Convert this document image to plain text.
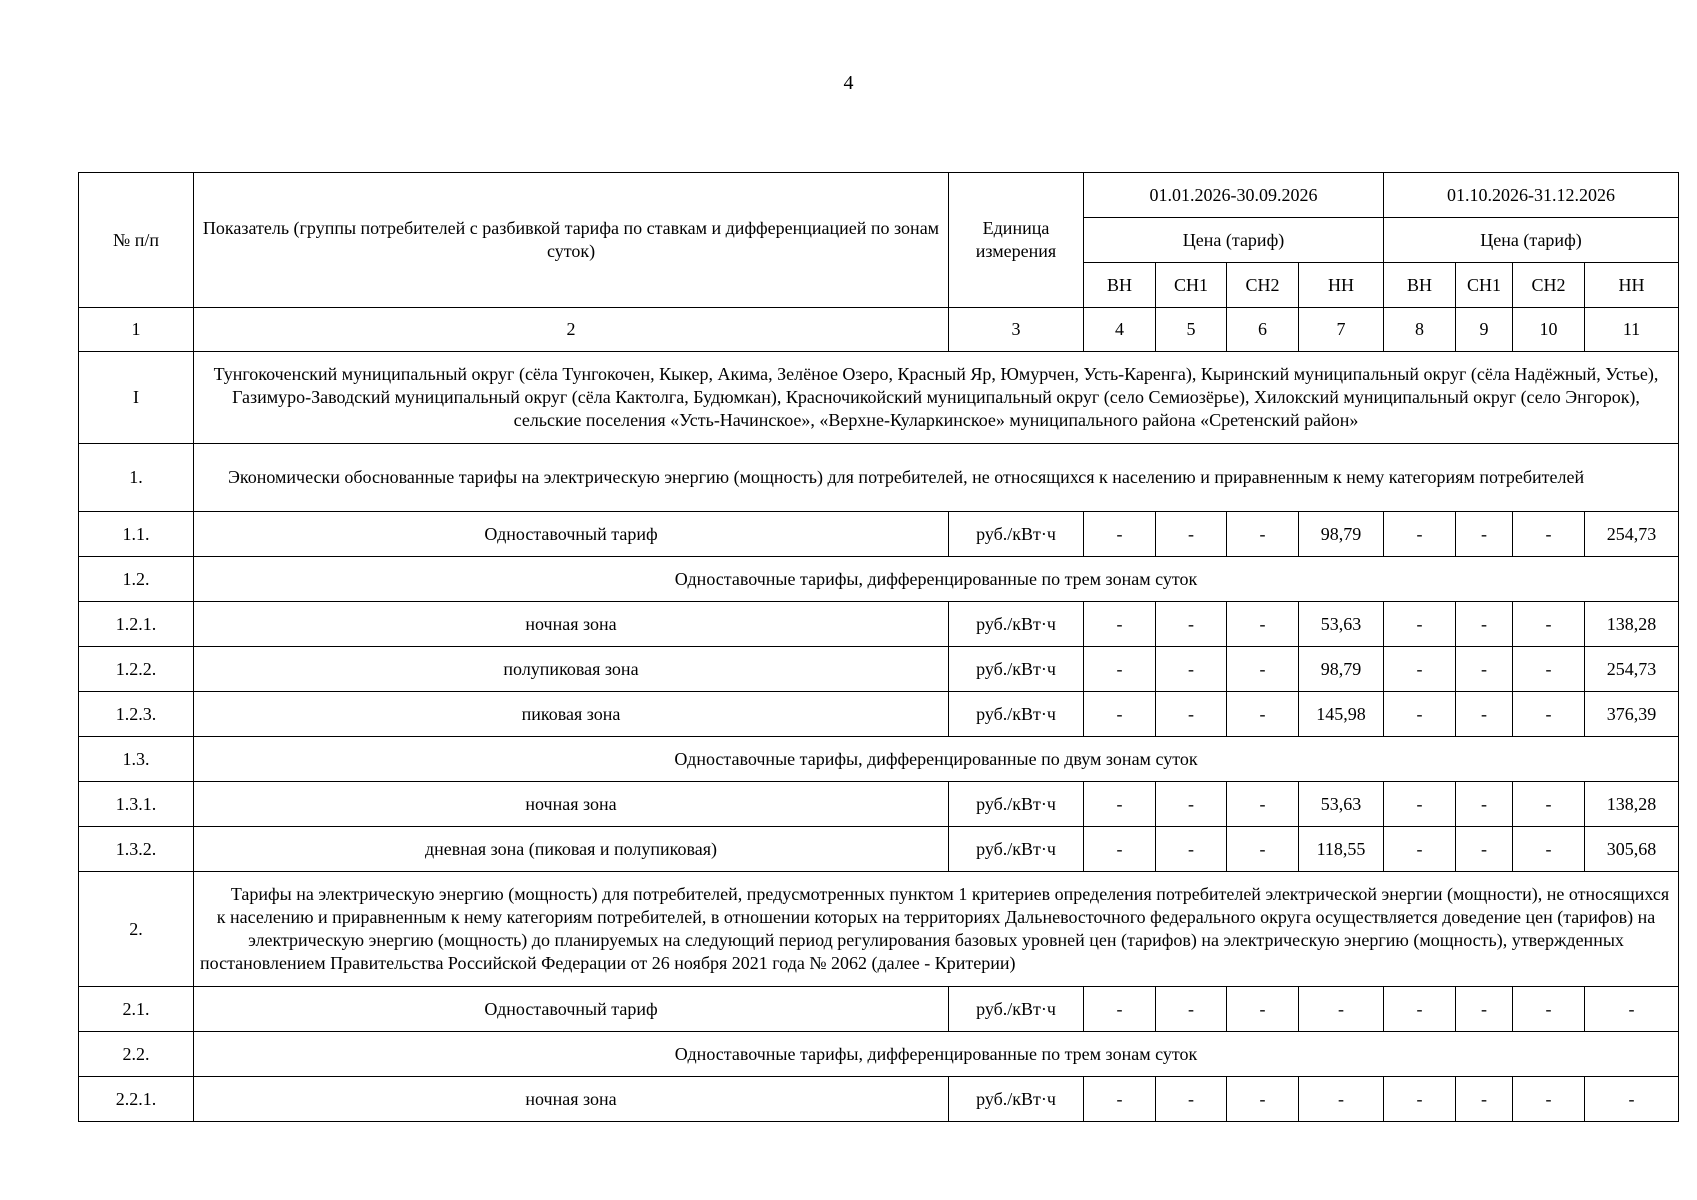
4
№ п/п	Показатель (группы потребителей с разбивкой тарифа по ставкам и дифференциацией по зонам суток)	Единица измерения	01.01.2026-30.09.2026				01.10.2026-31.12.2026			
			Цена (тариф)				Цена (тариф)			
			ВН	СН1	СН2	НН	ВН	СН1	СН2	НН
1	2	3	4	5	6	7	8	9	10	11
I	Тунгокоченский муниципальный округ (сёла Тунгокочен, Кыкер, Акима, Зелёное Озеро, Красный Яр, Юмурчен, Усть-Каренга), Кыринский муниципальный округ (сёла Надёжный, Устье), Газимуро-Заводский муниципальный округ (сёла Кактолга, Будюмкан), Красночикойский муниципальный округ (село Семиозёрье), Хилокский муниципальный округ (село Энгорок), сельские поселения «Усть-Начинское», «Верхне-Куларкинское» муниципального района «Сретенский район»									
1.	Экономически обоснованные тарифы на электрическую энергию (мощность) для потребителей, не относящихся к населению и приравненным к нему категориям потребителей									
1.1.	Одноставочный тариф	руб./кВт·ч	-	-	-	98,79	-	-	-	254,73
1.2.	Одноставочные тарифы, дифференцированные по трем зонам суток									
1.2.1.	ночная зона	руб./кВт·ч	-	-	-	53,63	-	-	-	138,28
1.2.2.	полупиковая зона	руб./кВт·ч	-	-	-	98,79	-	-	-	254,73
1.2.3.	пиковая зона	руб./кВт·ч	-	-	-	145,98	-	-	-	376,39
1.3.	Одноставочные тарифы, дифференцированные по двум зонам суток									
1.3.1.	ночная зона	руб./кВт·ч	-	-	-	53,63	-	-	-	138,28
1.3.2.	дневная зона (пиковая и полупиковая)	руб./кВт·ч	-	-	-	118,55	-	-	-	305,68
2.	Тарифы на электрическую энергию (мощность) для потребителей, предусмотренных пунктом 1 критериев определения потребителей электрической энергии (мощности), не относящихся к населению и приравненным к нему категориям потребителей, в отношении которых на территориях Дальневосточного федерального округа осуществляется доведение цен (тарифов) на электрическую энергию (мощность) до планируемых на следующий период регулирования базовых уровней цен (тарифов) на электрическую энергию (мощность), утвержденных постановлением Правительства Российской Федерации от 26 ноября 2021 года № 2062 (далее - Критерии)									
2.1.	Одноставочный тариф	руб./кВт·ч	-	-	-	-	-	-	-	-
2.2.	Одноставочные тарифы, дифференцированные по трем зонам суток									
2.2.1.	ночная зона	руб./кВт·ч	-	-	-	-	-	-	-	-
